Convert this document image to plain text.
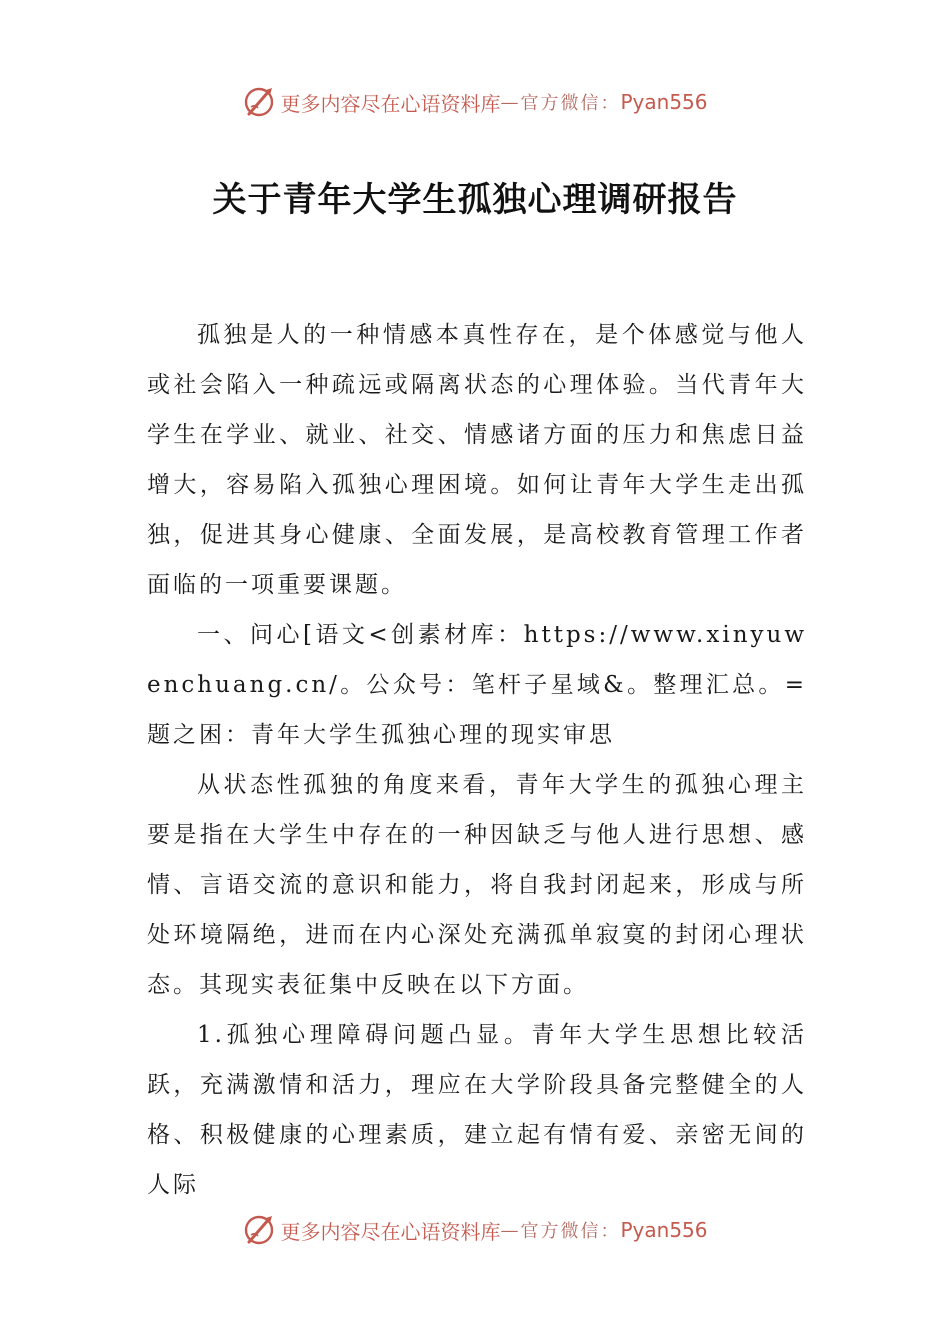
更多内容尽在心语资料库 — 官方微信： Pyan556
关于青年大学生孤独心理调研报告

孤独是人的一种情感本真性存在，是个体感觉与他人或社会陷入一种疏远或隔离状态的心理体验。当代青年大学生在学业、就业、社交、情感诸方面的压力和焦虑日益增大，容易陷入孤独心理困境。如何让青年大学生走出孤独，促进其身心健康、全面发展，是高校教育管理工作者面临的一项重要课题。

一、问心[语文<创素材库：https://www.xinyuwenchuang.cn/。公众号：笔杆子星域&。整理汇总。=题之困：青年大学生孤独心理的现实审思

从状态性孤独的角度来看，青年大学生的孤独心理主要是指在大学生中存在的一种因缺乏与他人进行思想、感情、言语交流的意识和能力，将自我封闭起来，形成与所处环境隔绝，进而在内心深处充满孤单寂寞的封闭心理状态。其现实表征集中反映在以下方面。

1.孤独心理障碍问题凸显。青年大学生思想比较活跃，充满激情和活力，理应在大学阶段具备完整健全的人格、积极健康的心理素质，建立起有情有爱、亲密无间的人际

更多内容尽在心语资料库 — 官方微信： Pyan556
